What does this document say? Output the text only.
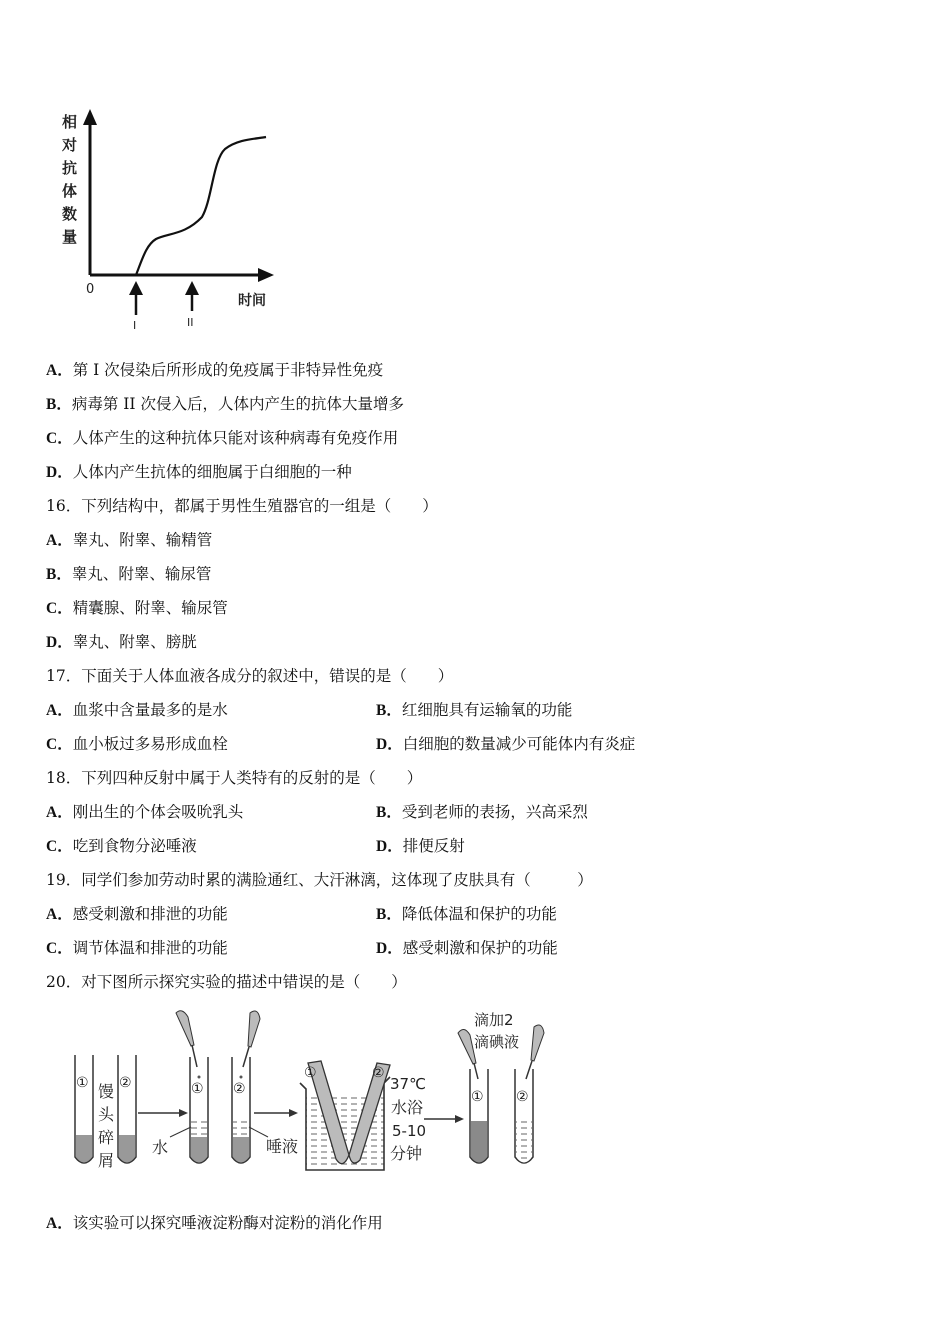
相
对
抗
体
数
量
0
时间
I	II
A．第 I 次侵染后所形成的免疫属于非特异性免疫
B．病毒第 II 次侵入后，人体内产生的抗体大量增多
C．人体产生的这种抗体只能对该种病毒有免疫作用
D．人体内产生抗体的细胞属于白细胞的一种
16．下列结构中，都属于男性生殖器官的一组是（　　）
A．睾丸、附睾、输精管
B．睾丸、附睾、输尿管
C．精囊腺、附睾、输尿管
D．睾丸、附睾、膀胱
17．下面关于人体血液各成分的叙述中，错误的是（　　）
A．血浆中含量最多的是水	B．红细胞具有运输氧的功能
C．血小板过多易形成血栓	D．白细胞的数量减少可能体内有炎症
18．下列四种反射中属于人类特有的反射的是（　　）
A．刚出生的个体会吸吮乳头	B．受到老师的表扬，兴高采烈
C．吃到食物分泌唾液	D．排便反射
19．同学们参加劳动时累的满脸通红、大汗淋漓，这体现了皮肤具有（　　　）
A．感受刺激和排泄的功能	B．降低体温和保护的功能
C．调节体温和排泄的功能	D．感受刺激和保护的功能
20．对下图所示探究实验的描述中错误的是（　　）
① ②
馒
头
碎
屑
① ②
水	唾液
①	②
37℃
水浴
5-10
分钟
滴加2
滴碘液
① ②
A．该实验可以探究唾液淀粉酶对淀粉的消化作用
